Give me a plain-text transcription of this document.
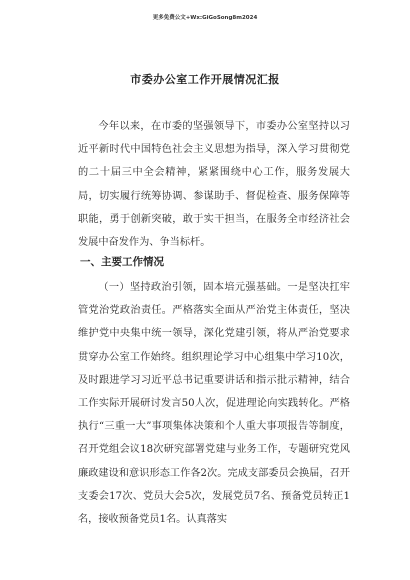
更多免费公文+Wx:GiGoSong8m2024
市委办公室工作开展情况汇报

今年以来，在市委的坚强领导下，市委办公室坚持以习近平新时代中国特色社会主义思想为指导，深入学习贯彻党的二十届三中全会精神，紧紧围绕中心工作，服务发展大局，切实履行统筹协调、参谋助手、督促检查、服务保障等职能，勇于创新突破，敢于实干担当，在服务全市经济社会发展中奋发作为、争当标杆。

一、主要工作情况

（一）坚持政治引领，固本培元强基础。一是坚决扛牢管党治党政治责任。严格落实全面从严治党主体责任，坚决维护党中央集中统一领导，深化党建引领，将从严治党要求贯穿办公室工作始终。组织理论学习中心组集中学习10次，及时跟进学习习近平总书记重要讲话和指示批示精神，结合工作实际开展研讨发言50人次，促进理论向实践转化。严格执行“三重一大”事项集体决策和个人重大事项报告等制度，召开党组会议18次研究部署党建与业务工作，专题研究党风廉政建设和意识形态工作各2次。完成支部委员会换届，召开支委会17次、党员大会5次，发展党员7名、预备党员转正1名，接收预备党员1名。认真落实
